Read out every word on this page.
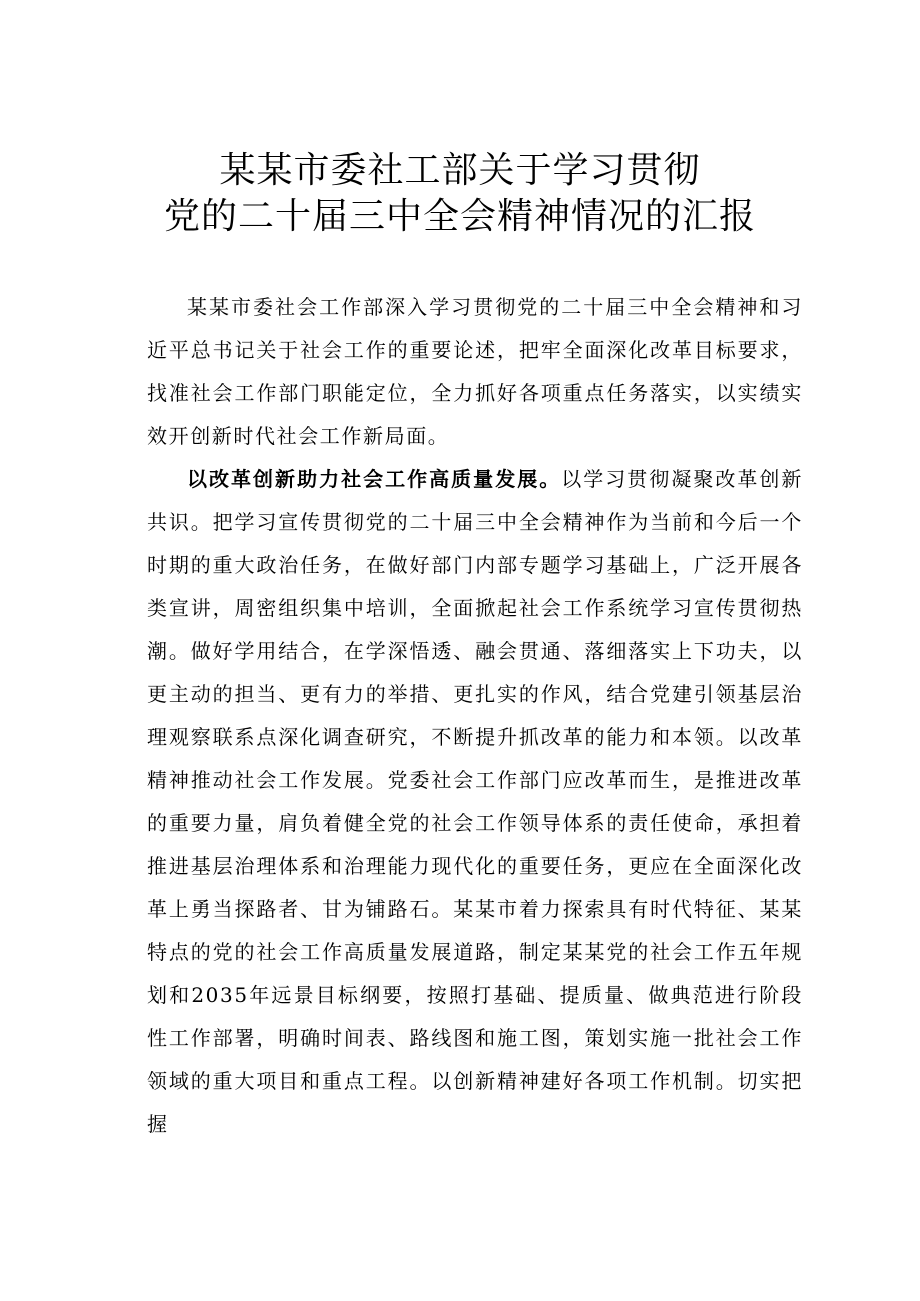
某某市委社工部关于学习贯彻
党的二十届三中全会精神情况的汇报

某某市委社会工作部深入学习贯彻党的二十届三中全会精神和习近平总书记关于社会工作的重要论述，把牢全面深化改革目标要求，找准社会工作部门职能定位，全力抓好各项重点任务落实，以实绩实效开创新时代社会工作新局面。

以改革创新助力社会工作高质量发展。以学习贯彻凝聚改革创新共识。把学习宣传贯彻党的二十届三中全会精神作为当前和今后一个时期的重大政治任务，在做好部门内部专题学习基础上，广泛开展各类宣讲，周密组织集中培训，全面掀起社会工作系统学习宣传贯彻热潮。做好学用结合，在学深悟透、融会贯通、落细落实上下功夫，以更主动的担当、更有力的举措、更扎实的作风，结合党建引领基层治理观察联系点深化调查研究，不断提升抓改革的能力和本领。以改革精神推动社会工作发展。党委社会工作部门应改革而生，是推进改革的重要力量，肩负着健全党的社会工作领导体系的责任使命，承担着推进基层治理体系和治理能力现代化的重要任务，更应在全面深化改革上勇当探路者、甘为铺路石。某某市着力探索具有时代特征、某某特点的党的社会工作高质量发展道路，制定某某党的社会工作五年规划和2035年远景目标纲要，按照打基础、提质量、做典范进行阶段性工作部署，明确时间表、路线图和施工图，策划实施一批社会工作领域的重大项目和重点工程。以创新精神建好各项工作机制。切实把握
